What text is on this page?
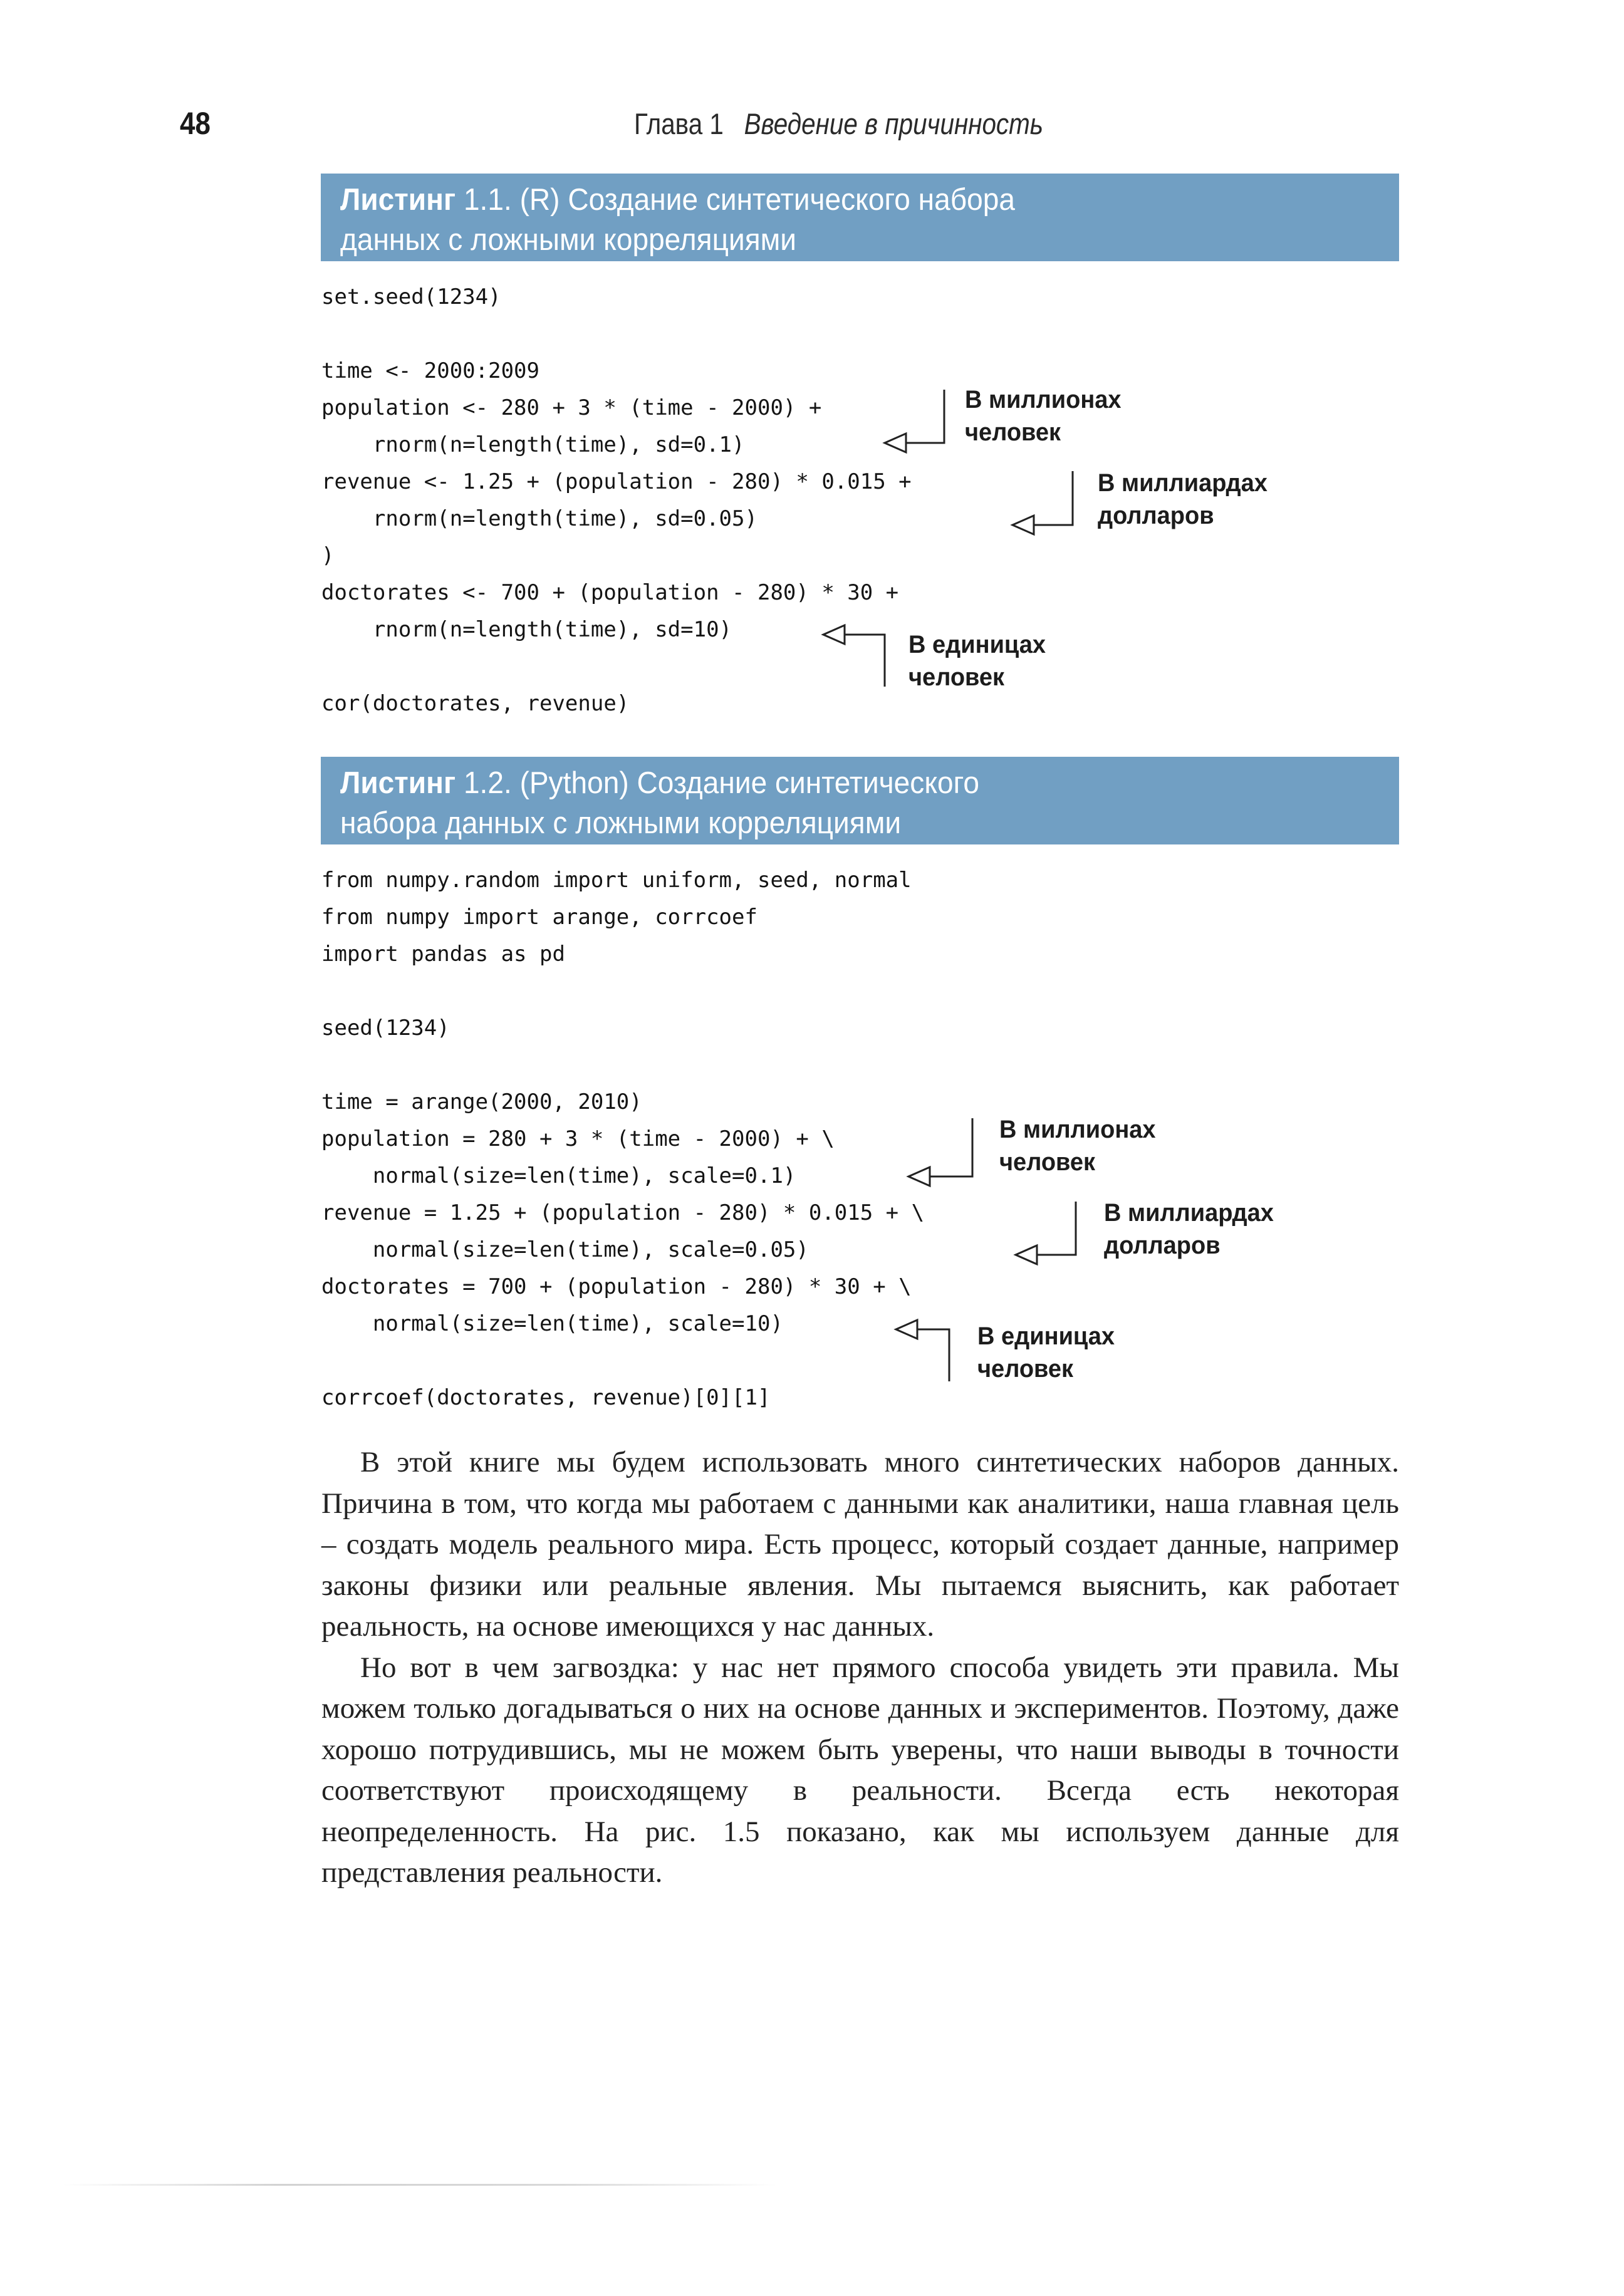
48	Глава 1 Введение в причинность
Листинг 1.1. (R) Создание синтетического набора
данных с ложными корреляциями
set.seed(1234)
time <- 2000:2009
population <- 280 + 3 * (time - 2000) +
rnorm(n=length(time), sd=0.1)
revenue <- 1.25 + (population - 280) * 0.015 +
rnorm(n=length(time), sd=0.05)
)
doctorates <- 700 + (population - 280) * 30 +
rnorm(n=length(time), sd=10)
cor(doctorates, revenue)
В миллионах
человек
В миллиардах
долларов
В единицах
человек
Листинг 1.2. (Python) Создание синтетического
набора данных с ложными корреляциями
from numpy.random import uniform, seed, normal
from numpy import arange, corrcoef
import pandas as pd
seed(1234)
time = arange(2000, 2010)
population = 280 + 3 * (time - 2000) + \
normal(size=len(time), scale=0.1)
revenue = 1.25 + (population - 280) * 0.015 + \
normal(size=len(time), scale=0.05)
doctorates = 700 + (population - 280) * 30 + \
normal(size=len(time), scale=10)
corrcoef(doctorates, revenue)[0][1]
В миллионах
человек
В миллиардах
долларов
В единицах
человек

В этой книге мы будем использовать много синтетических наборов данных. Причина в том, что когда мы работаем с данными как аналитики, наша главная цель – создать модель реального мира. Есть процесс, который создает данные, например законы физики или реальные явления. Мы пытаемся выяснить, как работает реальность, на основе имеющихся у нас данных.

Но вот в чем загвоздка: у нас нет прямого способа увидеть эти правила. Мы можем только догадываться о них на основе данных и экспериментов. Поэтому, даже хорошо потрудившись, мы не можем быть уверены, что наши выводы в точности соответствуют происходящему в реальности. Всегда есть некоторая неопределенность. На рис. 1.5 показано, как мы используем данные для представления реальности.
